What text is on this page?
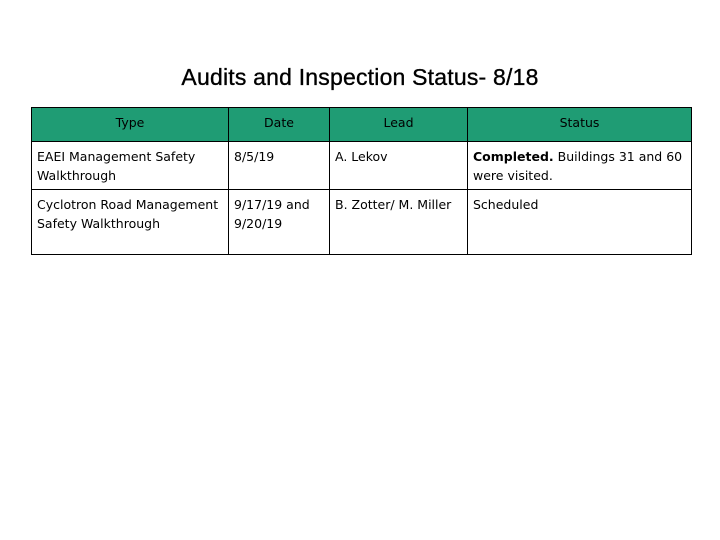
Audits and Inspection Status- 8/18
Type	Date	Lead	Status
EAEI Management Safety Walkthrough	8/5/19	A. Lekov	Completed. Buildings 31 and 60 were visited.
Cyclotron Road Management Safety Walkthrough	9/17/19 and 9/20/19	B. Zotter/ M. Miller	Scheduled
